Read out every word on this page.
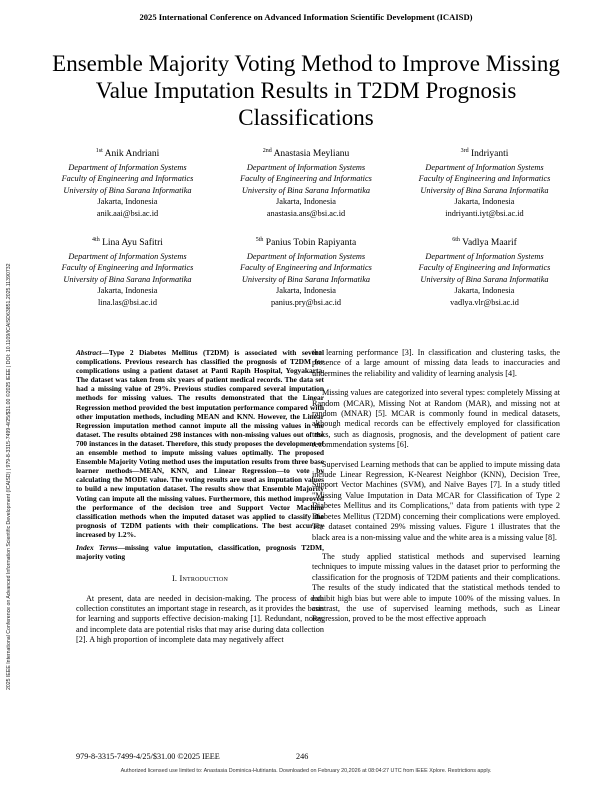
2025 International Conference on Advanced Information Scientific Development (ICAISD)
2025 IEEE International Conference on Advanced Information Scientific Development (ICAISD) | 979-8-3315-7499-4/25/$31.00 ©2025 IEEE | DOI: 10.1109/ICAISD63851.2025.11390732
Ensemble Majority Voting Method to Improve Missing Value Imputation Results in T2DM Prognosis Classifications
$^{1st}$ Anik Andriani
Department of Information Systems
Faculty of Engineering and Informatics
University of Bina Sarana Informatika
Jakarta, Indonesia
anik.aai@bsi.ac.id
$^{2nd}$ Anastasia Meylianu
Department of Information Systems
Faculty of Engineering and Informatics
University of Bina Sarana Informatika
Jakarta, Indonesia
anastasia.ans@bsi.ac.id
$^{3rd}$ Indriyanti
Department of Information Systems
Faculty of Engineering and Informatics
University of Bina Sarana Informatika
Jakarta, Indonesia
indriyanti.iyt@bsi.ac.id
$^{4th}$ Lina Ayu Safitri
Department of Information Systems
Faculty of Engineering and Informatics
University of Bina Sarana Informatika
Jakarta, Indonesia
lina.las@bsi.ac.id
$^{5th}$ Panius Tobin Rapiyanta
Department of Information Systems
Faculty of Engineering and Informatics
University of Bina Sarana Informatika
Jakarta, Indonesia
panius.pry@bsi.ac.id
$^{6th}$ Vadlya Maarif
Department of Information Systems
Faculty of Engineering and Informatics
University of Bina Sarana Informatika
Jakarta, Indonesia
vadlya.vlr@bsi.ac.id
Abstract—Type 2 Diabetes Mellitus (T2DM) is associated with several complications. Previous research has classified the prognosis of T2DM for complications using a patient dataset at Panti Rapih Hospital, Yogyakarta. The dataset was taken from six years of patient medical records. The data set had a missing value of 29%. Previous studies compared several imputation methods for missing values. The results demonstrated that the Linear Regression method provided the best imputation performance compared with other imputation methods, including MEAN and KNN. However, the Linear Regression imputation method cannot impute all the missing values in the dataset. The results obtained 298 instances with non-missing values out of the 700 instances in the dataset. Therefore, this study proposes the development of an ensemble method to impute missing values optimally. The proposed Ensemble Majority Voting method uses the imputation results from three base learner methods—MEAN, KNN, and Linear Regression—to vote by calculating the MODE value. The voting results are used as imputation values to build a new imputation dataset. The results show that Ensemble Majority Voting can impute all the missing values. Furthermore, this method improved the performance of the decision tree and Support Vector Machine classification methods when the imputed dataset was applied to classify the prognosis of T2DM patients with their complications. The best accuracy increased by 1.2%.
Index Terms—missing value imputation, classification, prognosis T2DM, majority voting
I. Introduction

At present, data are needed in decision-making. The process of data collection constitutes an important stage in research, as it provides the basis for learning and supports effective decision-making [1]. Redundant, noisy, and incomplete data are potential risks that may arise during data collection [2]. A high proportion of incomplete data may negatively affect

the learning performance [3]. In classification and clustering tasks, the presence of a large amount of missing data leads to inaccuracies and undermines the reliability and validity of learning analysis [4].

Missing values are categorized into several types: completely Missing at Random (MCAR), Missing Not at Random (MAR), and missing not at random (MNAR) [5]. MCAR is commonly found in medical datasets, although medical records can be effectively employed for classification tasks, such as diagnosis, prognosis, and the development of patient care recommendation systems [6].

Supervised Learning methods that can be applied to impute missing data include Linear Regression, K-Nearest Neighbor (KNN), Decision Tree, Support Vector Machines (SVM), and Naïve Bayes [7]. In a study titled "Missing Value Imputation in Data MCAR for Classification of Type 2 Diabetes Mellitus and its Complications," data from patients with type 2 Diabetes Mellitus (T2DM) concerning their complications were employed. The dataset contained 29% missing values. Figure 1 illustrates that the black area is a non-missing value and the white area is a missing value [8].

The study applied statistical methods and supervised learning techniques to impute missing values in the dataset prior to performing the classification for the prognosis of T2DM patients and their complications. The results of the study indicated that the statistical methods tended to exhibit high bias but were able to impute 100% of the missing values. In contrast, the use of supervised learning methods, such as Linear Regression, proved to be the most effective approach

979-8-3315-7499-4/25/$31.00 ©2025 IEEE	246
Authorized licensed use limited to: Anastasia Dominica-Hutirianta. Downloaded on February 20,2026 at 08:04:27 UTC from IEEE Xplore. Restrictions apply.
